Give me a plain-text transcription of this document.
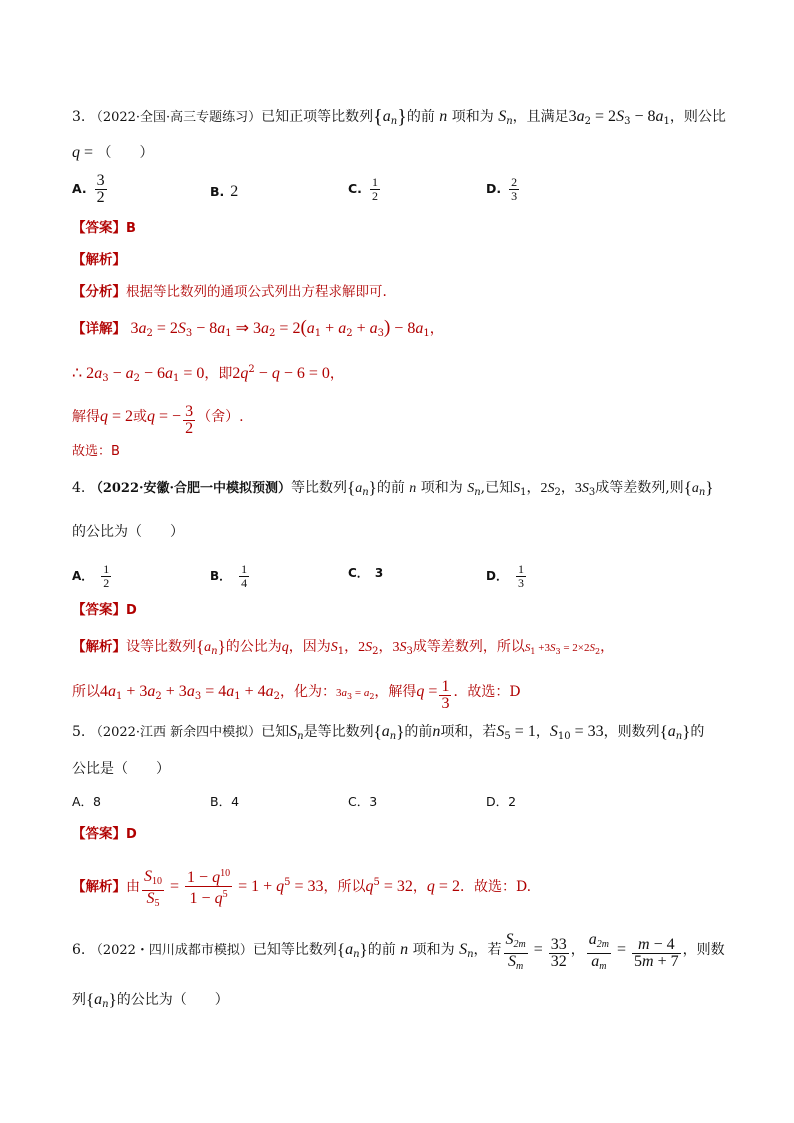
3. （2022·全国·高三专题练习）已知正项等比数列$\{a_n\}$的前 n 项和为 $S_n$，且满足$3a_2 = 2S_3 - 8a_1$，则公比
q = （　　）
A. $\frac{3}{2}$	B. 2	C. $\frac{1}{2}$	D. $\frac{2}{3}$
【答案】B
【解析】
【分析】根据等比数列的通项公式列出方程求解即可.
【详解】 $3a_2 = 2S_3 - 8a_1$ ⇒ $3a_2 = 2(a_1 + a_2 + a_3) - 8a_1$，
∴ $2a_3 - a_2 - 6a_1 = 0$，即$2q^2 - q - 6 = 0$，
解得q = 2或q = − $\frac{3}{2}$ （舍）.
故选：B
4. （2022·安徽·合肥一中模拟预测）等比数列$\{a_n\}$的前 n 项和为 $S_n$,已知$S_1$，$2S_2$，$3S_3$成等差数列,则$\{a_n\}$
的公比为（　　）
A． $\frac{1}{2}$	B． $\frac{1}{4}$	C． 3	D． $\frac{1}{3}$
【答案】D
【解析】设等比数列$\{a_n\}$的公比为q，因为$S_1$，$2S_2$，$3S_3$成等差数列，所以$S_1 +3S_3 = 2\times 2S_2$，
所以$4a_1 + 3a_2 + 3a_3 = 4a_1 + 4a_2$，化为：$3a_3 = a_2$，解得$q = \frac{1}{3}$ ．故选：D
5. （2022·江西 新余四中模拟）已知$S_n$是等比数列$\{a_n\}$的前n项和，若$S_5 = 1$，$S_{10} = 33$，则数列$\{a_n\}$的
公比是（　　）
A．8	B．4	C．3	D．2
【答案】D
【解析】由 $\frac{S_{10}}{S_5} = \frac{1 - q^{10}}{1 - q^5} = 1 + q^5 = 33$，所以$q^5 = 32$，q = 2．故选：D.
6. （2022・四川成都市模拟）已知等比数列$\{a_n\}$的前 n 项和为 $S_n$，若 $\frac{S2m}{Sm} = \frac{33}{32}$ ， $\frac{a2m}{am} = \frac{m - 4}{5m + 7}$ ，则数
列$\{a_n\}$的公比为（　　）
